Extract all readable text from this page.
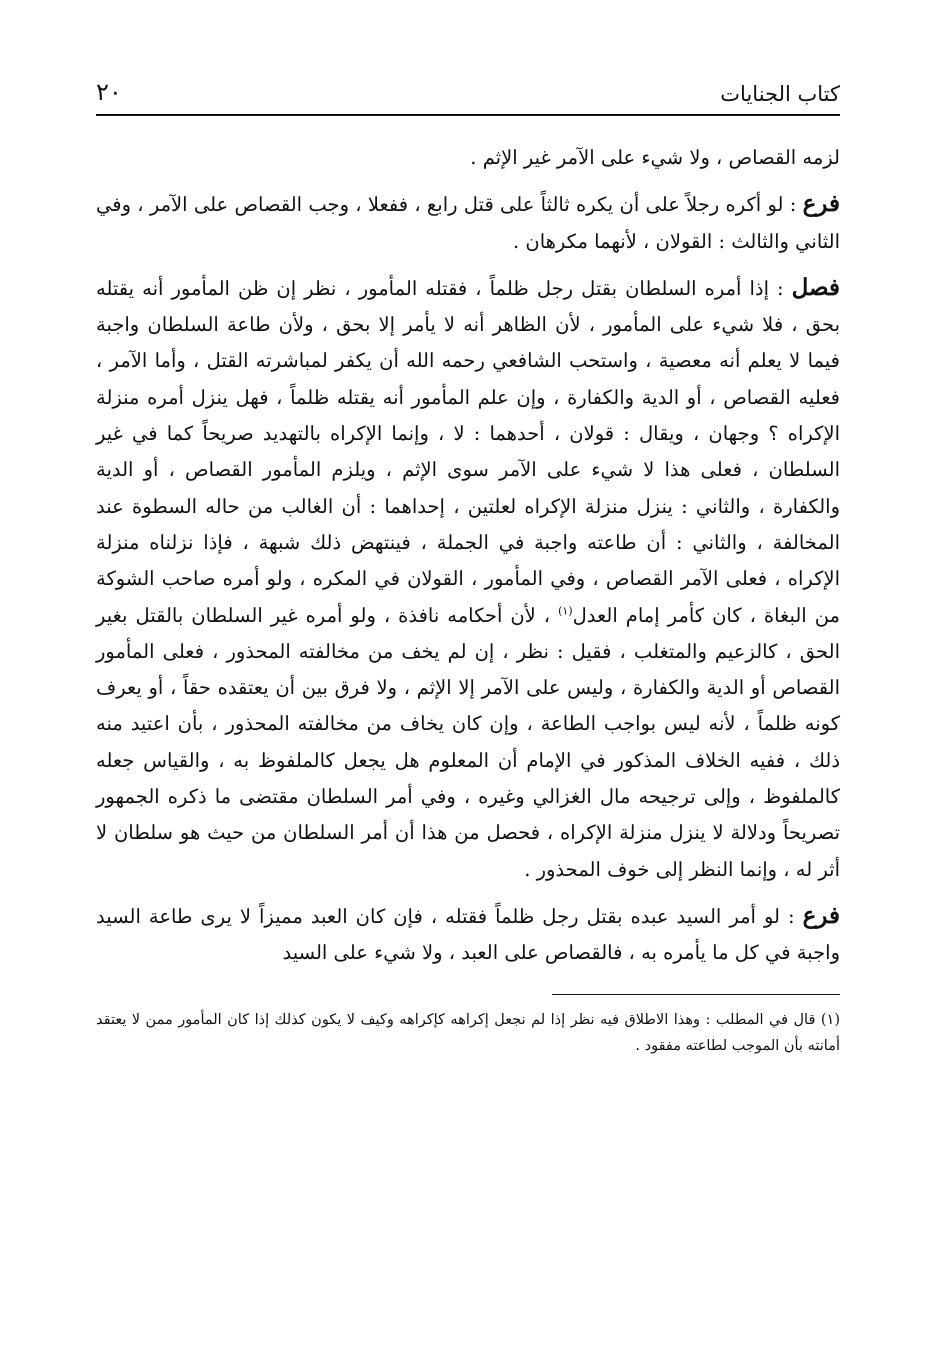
كتاب الجنايات
٢٠

لزمه القصاص ، ولا شيء على الآمر غير الإثم .

فرع : لو أكره رجلاً على أن يكره ثالثاً على قتل رابع ، ففعلا ، وجب القصاص على الآمر ، وفي الثاني والثالث : القولان ، لأنهما مكرهان .

فصل : إذا أمره السلطان بقتل رجل ظلماً ، فقتله المأمور ، نظر إن ظن المأمور أنه يقتله بحق ، فلا شيء على المأمور ، لأن الظاهر أنه لا يأمر إلا بحق ، ولأن طاعة السلطان واجبة فيما لا يعلم أنه معصية ، واستحب الشافعي رحمه الله أن يكفر لمباشرته القتل ، وأما الآمر ، فعليه القصاص ، أو الدية والكفارة ، وإن علم المأمور أنه يقتله ظلماً ، فهل ينزل أمره منزلة الإكراه ؟ وجهان ، ويقال : قولان ، أحدهما : لا ، وإنما الإكراه بالتهديد صريحاً كما في غير السلطان ، فعلى هذا لا شيء على الآمر سوى الإثم ، ويلزم المأمور القصاص ، أو الدية والكفارة ، والثاني : ينزل منزلة الإكراه لعلتين ، إحداهما : أن الغالب من حاله السطوة عند المخالفة ، والثاني : أن طاعته واجبة في الجملة ، فينتهض ذلك شبهة ، فإذا نزلناه منزلة الإكراه ، فعلى الآمر القصاص ، وفي المأمور ، القولان في المكره ، ولو أمره صاحب الشوكة من البغاة ، كان كأمر إمام العدل$^{(١)}$ ، لأن أحكامه نافذة ، ولو أمره غير السلطان بالقتل بغير الحق ، كالزعيم والمتغلب ، فقيل : نظر ، إن لم يخف من مخالفته المحذور ، فعلى المأمور القصاص أو الدية والكفارة ، وليس على الآمر إلا الإثم ، ولا فرق بين أن يعتقده حقاً ، أو يعرف كونه ظلماً ، لأنه ليس بواجب الطاعة ، وإن كان يخاف من مخالفته المحذور ، بأن اعتيد منه ذلك ، ففيه الخلاف المذكور في الإمام أن المعلوم هل يجعل كالملفوظ به ، والقياس جعله كالملفوظ ، وإلى ترجيحه مال الغزالي وغيره ، وفي أمر السلطان مقتضى ما ذكره الجمهور تصريحاً ودلالة لا ينزل منزلة الإكراه ، فحصل من هذا أن أمر السلطان من حيث هو سلطان لا أثر له ، وإنما النظر إلى خوف المحذور .

فرع : لو أمر السيد عبده بقتل رجل ظلماً فقتله ، فإن كان العبد مميزاً لا يرى طاعة السيد واجبة في كل ما يأمره به ، فالقصاص على العبد ، ولا شيء على السيد

(١) قال في المطلب : وهذا الاطلاق فيه نظر إذا لم نجعل إكراهه كإكراهه وكيف لا يكون كذلك إذا كان المأمور ممن لا يعتقد أمانته بأن الموجب لطاعته مفقود .
